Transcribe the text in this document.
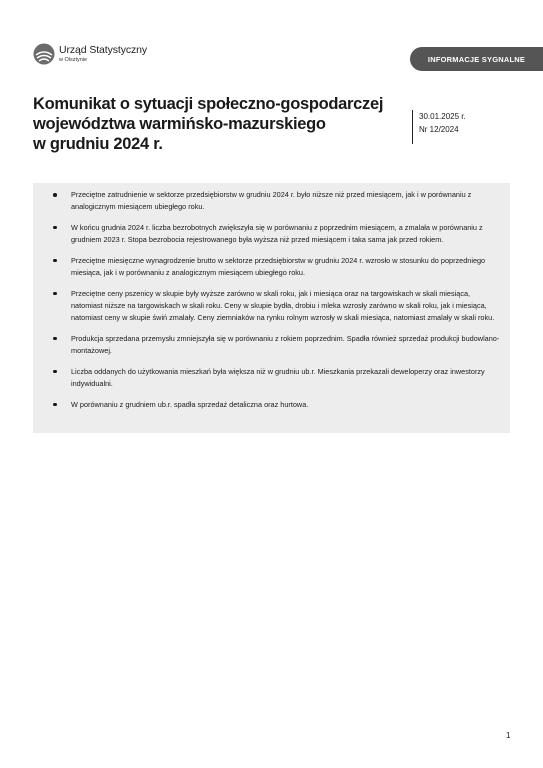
Urząd Statystyczny
w Olsztynie	INFORMACJE SYGNALNE
Komunikat o sytuacji społeczno-gospodarczej
województwa warmińsko-mazurskiego
w grudniu 2024 r.
30.01.2025 r.
Nr 12/2024
Przeciętne zatrudnienie w sektorze przedsiębiorstw w grudniu 2024 r. było niższe niż przed miesiącem, jak i w porównaniu z analogicznym miesiącem ubiegłego roku.
W końcu grudnia 2024 r. liczba bezrobotnych zwiększyła się w porównaniu z poprzednim miesiącem, a zmalała w porównaniu z grudniem 2023 r. Stopa bezrobocia rejestrowanego była wyższa niż przed miesiącem i taka sama jak przed rokiem.
Przeciętne miesięczne wynagrodzenie brutto w sektorze przedsiębiorstw w grudniu 2024 r. wzrosło w stosunku do poprzedniego miesiąca, jak i w porównaniu z analogicznym miesiącem ubiegłego roku.
Przeciętne ceny pszenicy w skupie były wyższe zarówno w skali roku, jak i miesiąca oraz na targowiskach w skali miesiąca, natomiast niższe na targowiskach w skali roku. Ceny w skupie bydła, drobiu i mleka wzrosły zarówno w skali roku, jak i miesiąca, natomiast ceny w skupie świń zmalały. Ceny ziemniaków na rynku rolnym wzrosły w skali miesiąca, natomiast zmalały w skali roku.
Produkcja sprzedana przemysłu zmniejszyła się w porównaniu z rokiem poprzednim. Spadła również sprzedaż produkcji budowlano-montażowej.
Liczba oddanych do użytkowania mieszkań była większa niż w grudniu ub.r. Mieszkania przekazali deweloperzy oraz inwestorzy indywidualni.
W porównaniu z grudniem ub.r. spadła sprzedaż detaliczna oraz hurtowa.
1
